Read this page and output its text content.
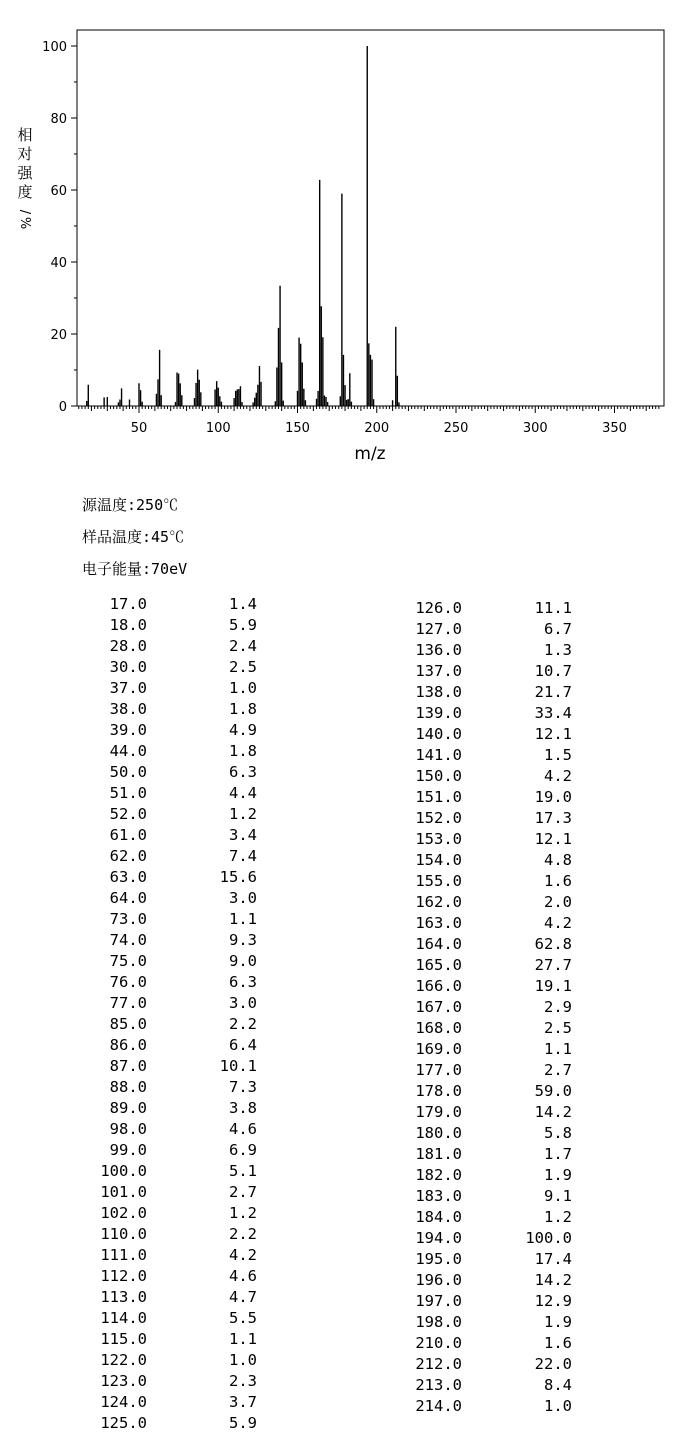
0
20
40
60
80
100
50	100	150	200	250	300	350
m/z
相
对
强
度
/
%
源温度:250℃
样品温度:45℃
电子能量:70eV
17.0	1.4
18.0	5.9
28.0	2.4
30.0	2.5
37.0	1.0
38.0	1.8
39.0	4.9
44.0	1.8
50.0	6.3
51.0	4.4
52.0	1.2
61.0	3.4
62.0	7.4
63.0	15.6
64.0	3.0
73.0	1.1
74.0	9.3
75.0	9.0
76.0	6.3
77.0	3.0
85.0	2.2
86.0	6.4
87.0	10.1
88.0	7.3
89.0	3.8
98.0	4.6
99.0	6.9
100.0	5.1
101.0	2.7
102.0	1.2
110.0	2.2
111.0	4.2
112.0	4.6
113.0	4.7
114.0	5.5
115.0	1.1
122.0	1.0
123.0	2.3
124.0	3.7
125.0	5.9
126.0	11.1
127.0	6.7
136.0	1.3
137.0	10.7
138.0	21.7
139.0	33.4
140.0	12.1
141.0	1.5
150.0	4.2
151.0	19.0
152.0	17.3
153.0	12.1
154.0	4.8
155.0	1.6
162.0	2.0
163.0	4.2
164.0	62.8
165.0	27.7
166.0	19.1
167.0	2.9
168.0	2.5
169.0	1.1
177.0	2.7
178.0	59.0
179.0	14.2
180.0	5.8
181.0	1.7
182.0	1.9
183.0	9.1
184.0	1.2
194.0	100.0
195.0	17.4
196.0	14.2
197.0	12.9
198.0	1.9
210.0	1.6
212.0	22.0
213.0	8.4
214.0	1.0
